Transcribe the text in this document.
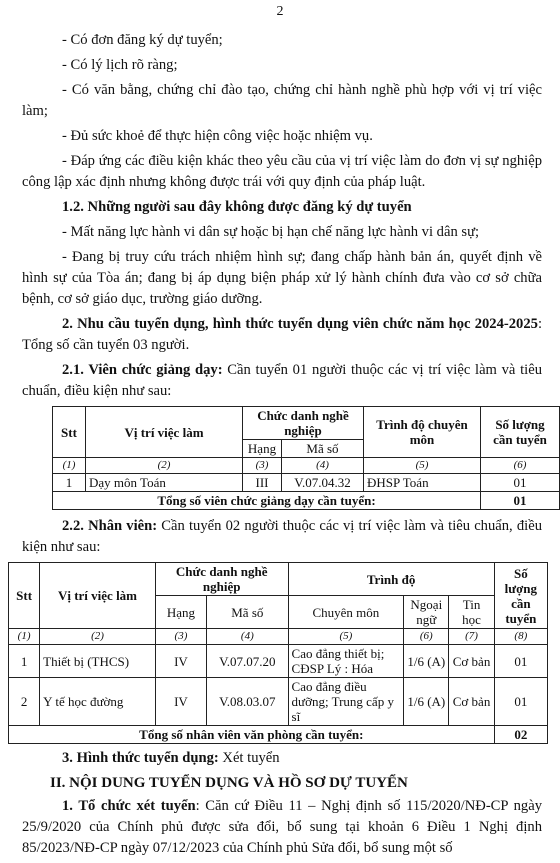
2

- Có đơn đăng ký dự tuyển;

- Có lý lịch rõ ràng;

- Có văn bằng, chứng chỉ đào tạo, chứng chỉ hành nghề phù hợp với vị trí việc làm;

- Đủ sức khoẻ để thực hiện công việc hoặc nhiệm vụ.

- Đáp ứng các điều kiện khác theo yêu cầu của vị trí việc làm do đơn vị sự nghiệp công lập xác định nhưng không được trái với quy định của pháp luật.

1.2. Những người sau đây không được đăng ký dự tuyển

- Mất năng lực hành vi dân sự hoặc bị hạn chế năng lực hành vi dân sự;

- Đang bị truy cứu trách nhiệm hình sự; đang chấp hành bản án, quyết định về hình sự của Tòa án; đang bị áp dụng biện pháp xử lý hành chính đưa vào cơ sở chữa bệnh, cơ sở giáo dục, trường giáo dưỡng.

2. Nhu cầu tuyển dụng, hình thức tuyển dụng viên chức năm học 2024-2025: Tổng số cần tuyển 03 người.

2.1. Viên chức giảng dạy: Cần tuyển 01 người thuộc các vị trí việc làm và tiêu chuẩn, điều kiện như sau:

Stt	Vị trí việc làm	Chức danh nghề nghiệp		Trình độ chuyên môn	Số lượng cần tuyển
		Hạng	Mã số		
(1)	(2)	(3)	(4)	(5)	(6)
1	Dạy môn Toán	III	V.07.04.32	ĐHSP Toán	01
Tổng số viên chức giảng dạy cần tuyển:					01

2.2. Nhân viên: Cần tuyển 02 người thuộc các vị trí việc làm và tiêu chuẩn, điều kiện như sau:

Stt	Vị trí việc làm	Chức danh nghề nghiệp		Trình độ			Số lượng cần tuyển
		Hạng	Mã số	Chuyên môn	Ngoại ngữ	Tin học	
(1)	(2)	(3)	(4)	(5)	(6)	(7)	(8)
1	Thiết bị (THCS)	IV	V.07.07.20	Cao đẳng thiết bị; CĐSP Lý : Hóa	1/6 (A)	Cơ bản	01
2	Y tế học đường	IV	V.08.03.07	Cao đẳng điều dưỡng; Trung cấp y sĩ	1/6 (A)	Cơ bản	01
Tổng số nhân viên văn phòng cần tuyển:							02

3. Hình thức tuyển dụng: Xét tuyển

II. NỘI DUNG TUYỂN DỤNG VÀ HỒ SƠ DỰ TUYỂN

1. Tổ chức xét tuyển: Căn cứ Điều 11 – Nghị định số 115/2020/NĐ-CP ngày 25/9/2020 của Chính phủ được sửa đổi, bổ sung tại khoản 6 Điều 1 Nghị định 85/2023/NĐ-CP ngày 07/12/2023 của Chính phủ Sửa đổi, bổ sung một số
